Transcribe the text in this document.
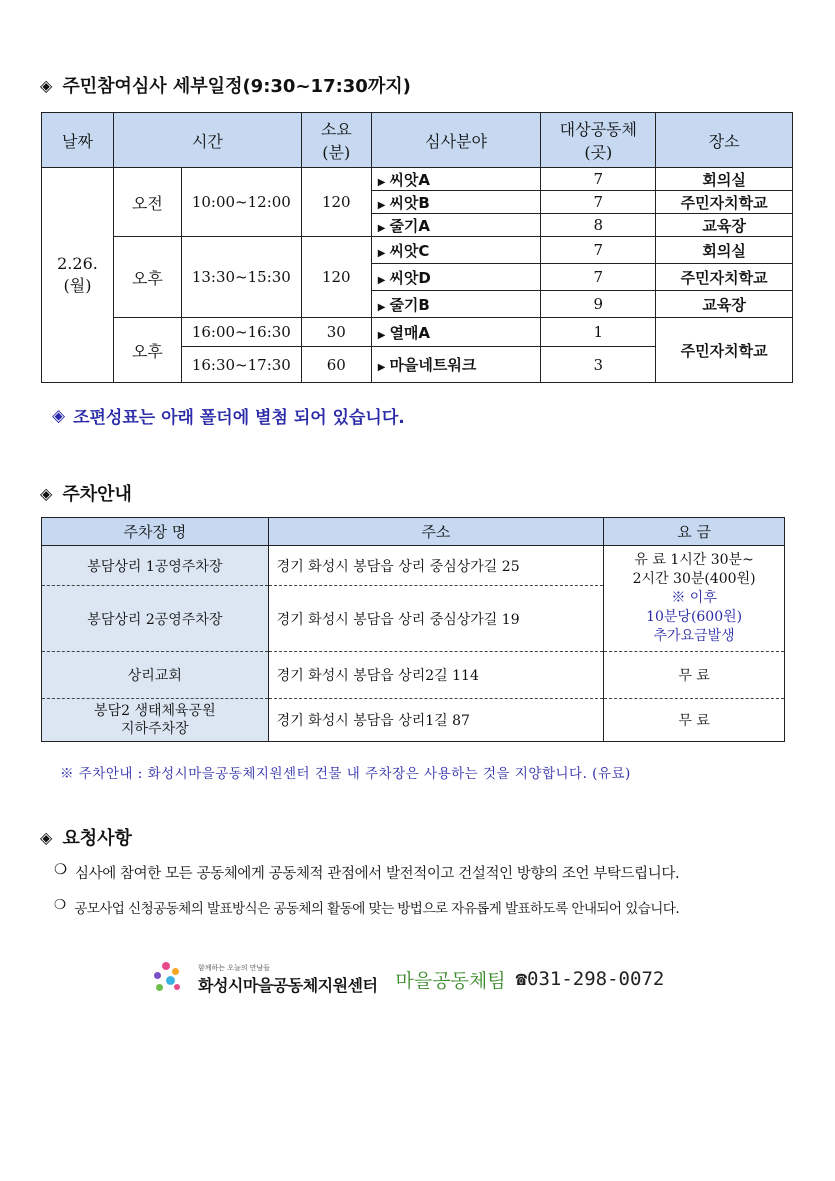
◈ 주민참여심사 세부일정(9:30~17:30까지)
날짜	시간		소요(분)	심사분야	대상공동체(곳)	장소
2.26.(월)	오전	10:00~12:00	120	▶ 씨앗A	7	회의실
				▶ 씨앗B	7	주민자치학교
				▶ 줄기A	8	교육장
	오후	13:30~15:30	120	▶ 씨앗C	7	회의실
				▶ 씨앗D	7	주민자치학교
				▶ 줄기B	9	교육장
	오후	16:00~16:30	30	▶ 열매A	1	주민자치학교
		16:30~17:30	60	▶ 마을네트워크	3	
◈ 조편성표는 아래 폴더에 별첨 되어 있습니다.
◈ 주차안내
주차장 명	주소	요 금
봉담상리 1공영주차장	경기 화성시 봉담읍 상리 중심상가길 25	유 료 1시간 30분~
2시간 30분(400원)
※ 이후
10분당(600원)
추가요금발생

봉담상리 2공영주차장	경기 화성시 봉담읍 상리 중심상가길 19	
상리교회	경기 화성시 봉담읍 상리2길 114	무 료

봉담2 생태체육공원
지하주차장	경기 화성시 봉담읍 상리1길 87	무 료
※ 주차안내 : 화성시마을공동체지원센터 건물 내 주차장은 사용하는 것을 지양합니다. (유료)
◈ 요청사항
❍ 심사에 참여한 모든 공동체에게 공동체적 관점에서 발전적이고 건설적인 방향의 조언 부탁드립니다.
❍ 공모사업 신청공동체의 발표방식은 공동체의 활동에 맞는 방법으로 자유롭게 발표하도록 안내되어 있습니다.
함께하는 오늘의 만남들
화성시마을공동체지원센터 마을공동체팀 ☎031-298-0072
